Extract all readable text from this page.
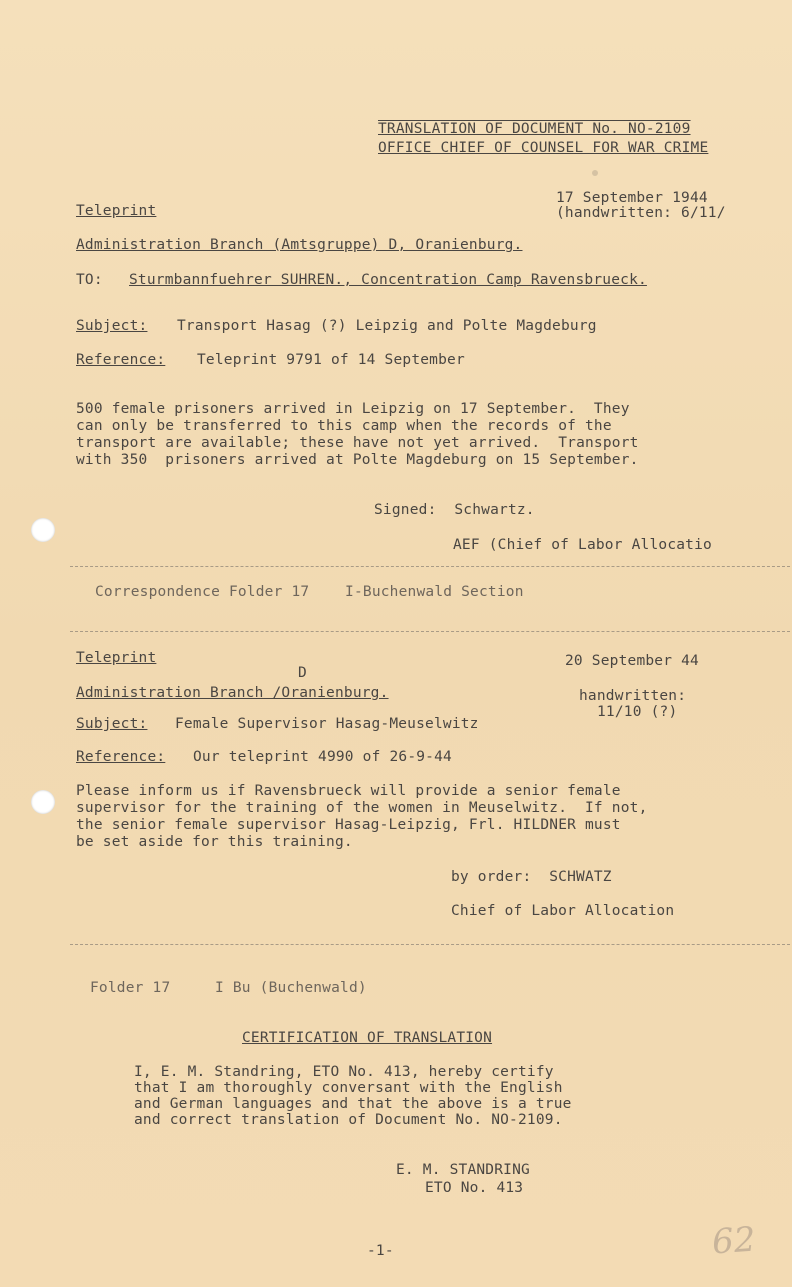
TRANSLATION OF DOCUMENT No. NO-2109
OFFICE CHIEF OF COUNSEL FOR WAR CRIME
Teleprint
17 September 1944
(handwritten: 6/11/
Administration Branch (Amtsgruppe) D, Oranienburg.
TO: Sturmbannfuehrer SUHREN., Concentration Camp Ravensbrueck.
Subject: Transport Hasag (?) Leipzig and Polte Magdeburg
Reference: Teleprint 9791 of 14 September
500 female prisoners arrived in Leipzig on 17 September.  They
can only be transferred to this camp when the records of the
transport are available; these have not yet arrived.  Transport
with 350  prisoners arrived at Polte Magdeburg on 15 September.
Signed:  Schwartz.
AEF (Chief of Labor Allocatio
Correspondence Folder 17    I-Buchenwald Section
Teleprint	20 September 44
D
Administration Branch /Oranienburg.	handwritten:
11/10 (?)
Subject: Female Supervisor Hasag-Meuselwitz
Reference: Our teleprint 4990 of 26-9-44
Please inform us if Ravensbrueck will provide a senior female
supervisor for the training of the women in Meuselwitz.  If not,
the senior female supervisor Hasag-Leipzig, Frl. HILDNER must
be set aside for this training.
by order:  SCHWATZ
Chief of Labor Allocation
Folder 17     I Bu (Buchenwald)
CERTIFICATION OF TRANSLATION
I, E. M. Standring, ETO No. 413, hereby certify
that I am thoroughly conversant with the English
and German languages and that the above is a true
and correct translation of Document No. NO-2109.
E. M. STANDRING
ETO No. 413
-1-	62
